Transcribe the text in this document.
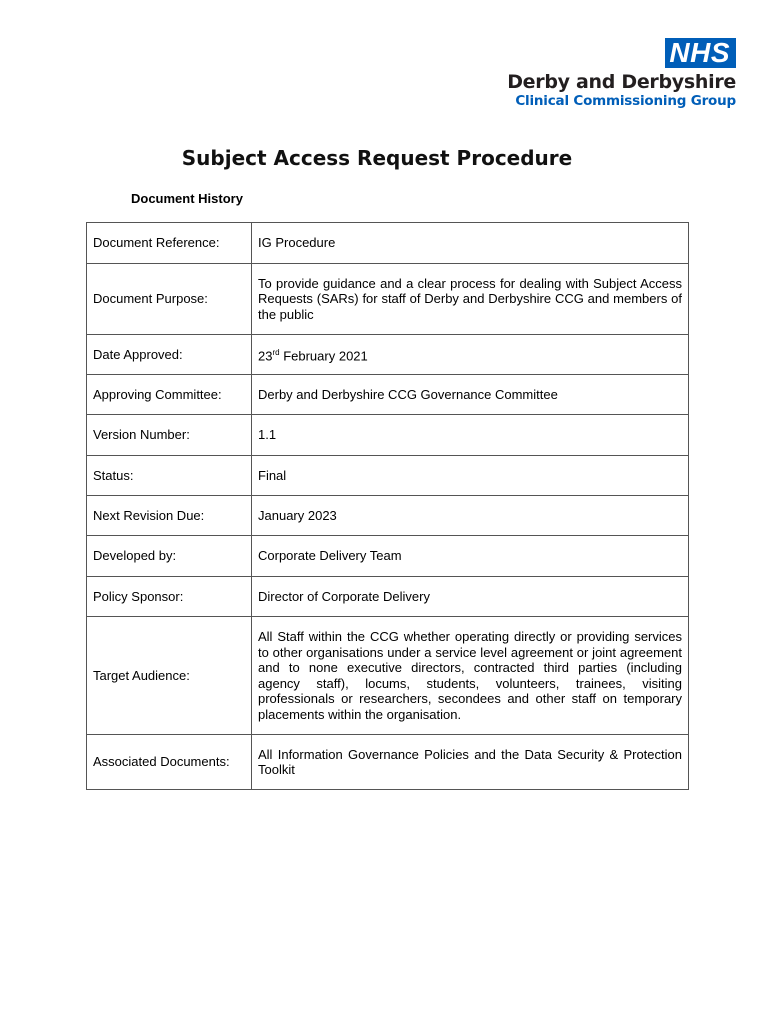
NHS
Derby and Derbyshire
Clinical Commissioning Group
Subject Access Request Procedure
Document History
Document Reference:	IG Procedure
Document Purpose:	To provide guidance and a clear process for dealing with Subject Access Requests (SARs) for staff of Derby and Derbyshire CCG and members of the public
Date Approved:	23rd February 2021
Approving Committee:	Derby and Derbyshire CCG Governance Committee
Version Number:	1.1
Status:	Final
Next Revision Due:	January 2023
Developed by:	Corporate Delivery Team
Policy Sponsor:	Director of Corporate Delivery
Target Audience:	All Staff within the CCG whether operating directly or providing services to other organisations under a service level agreement or joint agreement and to none executive directors, contracted third parties (including agency staff), locums, students, volunteers, trainees, visiting professionals or researchers, secondees and other staff on temporary placements within the organisation.
Associated Documents:	All Information Governance Policies and the Data Security & Protection Toolkit
